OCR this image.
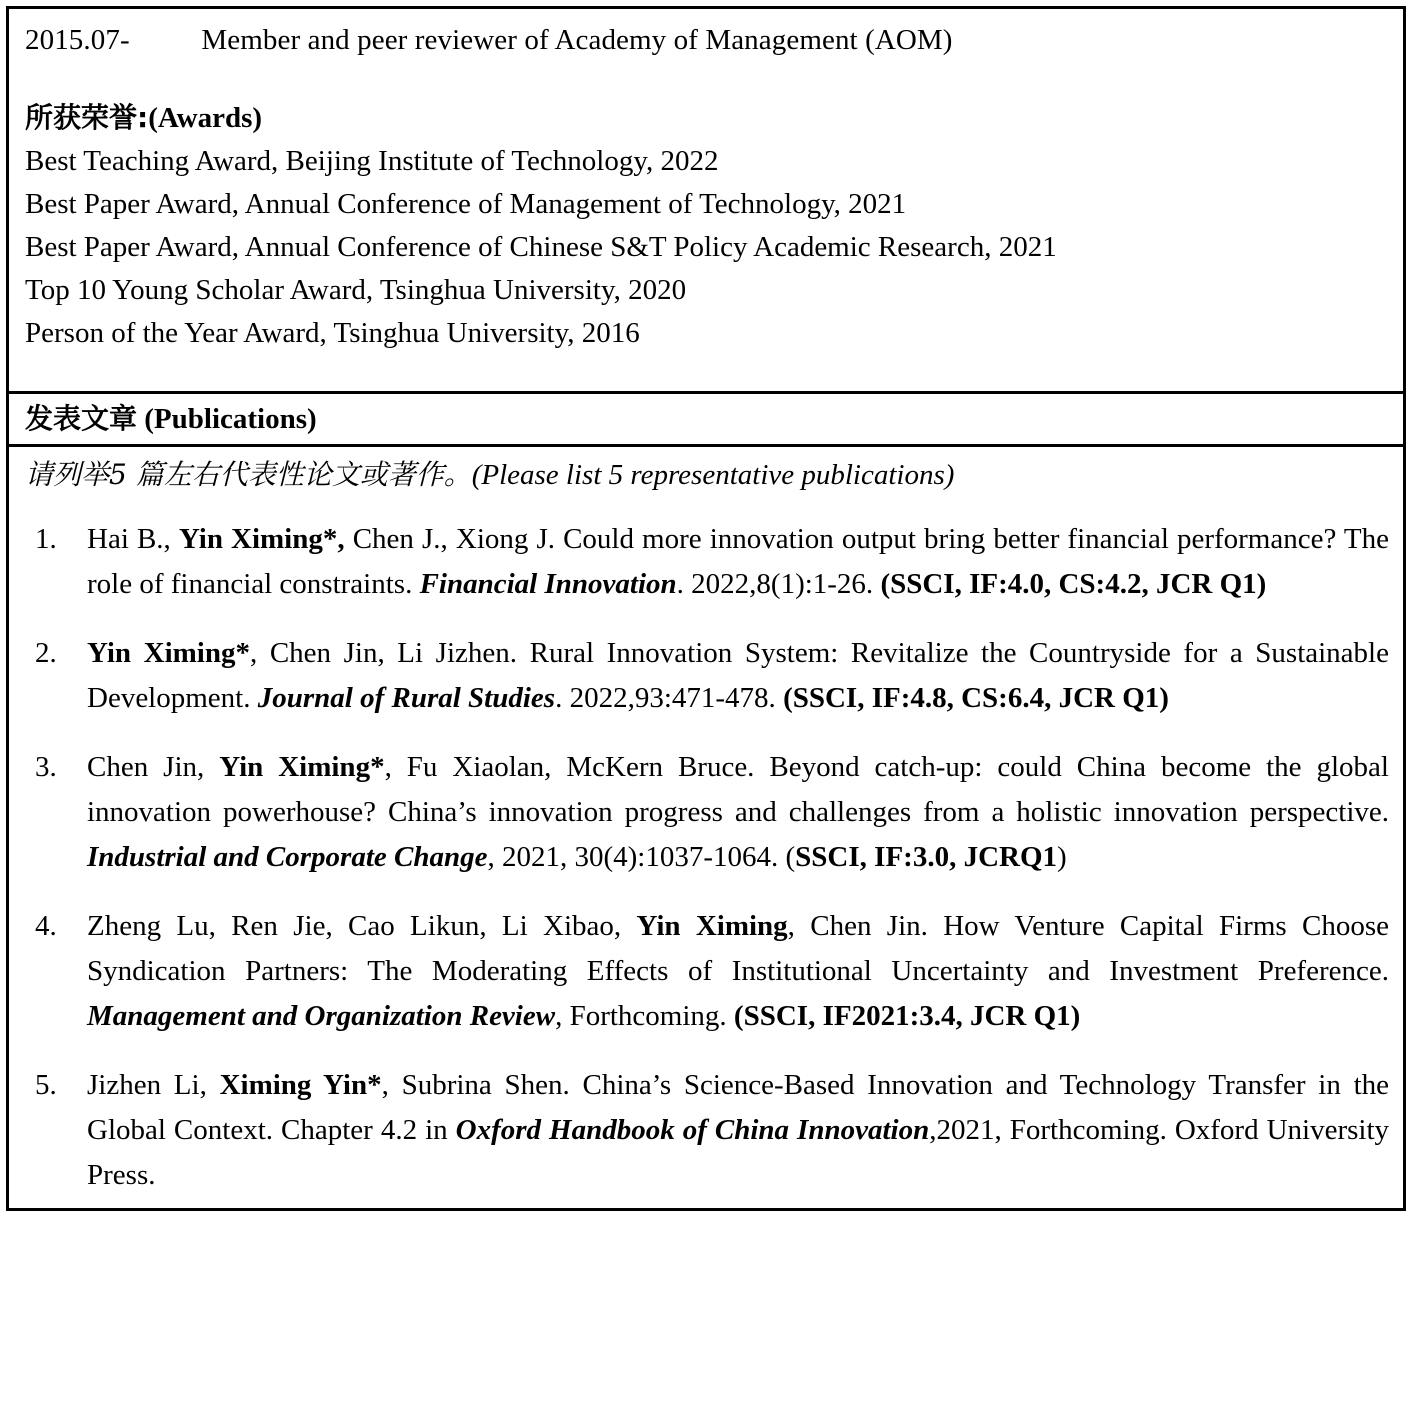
2015.07-		Member and peer reviewer of Academy of Management (AOM)
所获荣誉:(Awards)
Best Teaching Award, Beijing Institute of Technology, 2022
Best Paper Award, Annual Conference of Management of Technology, 2021
Best Paper Award, Annual Conference of Chinese S&T Policy Academic Research, 2021
Top 10 Young Scholar Award, Tsinghua University, 2020
Person of the Year Award, Tsinghua University, 2016
发表文章 (Publications)
请列举5 篇左右代表性论文或著作。(Please list 5 representative publications)
1.	Hai B., Yin Ximing*, Chen J., Xiong J. Could more innovation output bring better financial performance? The role of financial constraints. Financial Innovation. 2022,8(1):1-26. (SSCI, IF:4.0, CS:4.2, JCR Q1)
2.	Yin Ximing*, Chen Jin, Li Jizhen. Rural Innovation System: Revitalize the Countryside for a Sustainable Development. Journal of Rural Studies. 2022,93:471-478. (SSCI, IF:4.8, CS:6.4, JCR Q1)
3.	Chen Jin, Yin Ximing*, Fu Xiaolan, McKern Bruce. Beyond catch-up: could China become the global innovation powerhouse? China’s innovation progress and challenges from a holistic innovation perspective. Industrial and Corporate Change, 2021, 30(4):1037-1064. (SSCI, IF:3.0, JCRQ1)
4.	Zheng Lu, Ren Jie, Cao Likun, Li Xibao, Yin Ximing, Chen Jin. How Venture Capital Firms Choose Syndication Partners: The Moderating Effects of Institutional Uncertainty and Investment Preference. Management and Organization Review, Forthcoming. (SSCI, IF2021:3.4, JCR Q1)
5.	Jizhen Li, Ximing Yin*, Subrina Shen. China’s Science-Based Innovation and Technology Transfer in the Global Context. Chapter 4.2 in Oxford Handbook of China Innovation,2021, Forthcoming. Oxford University Press.
